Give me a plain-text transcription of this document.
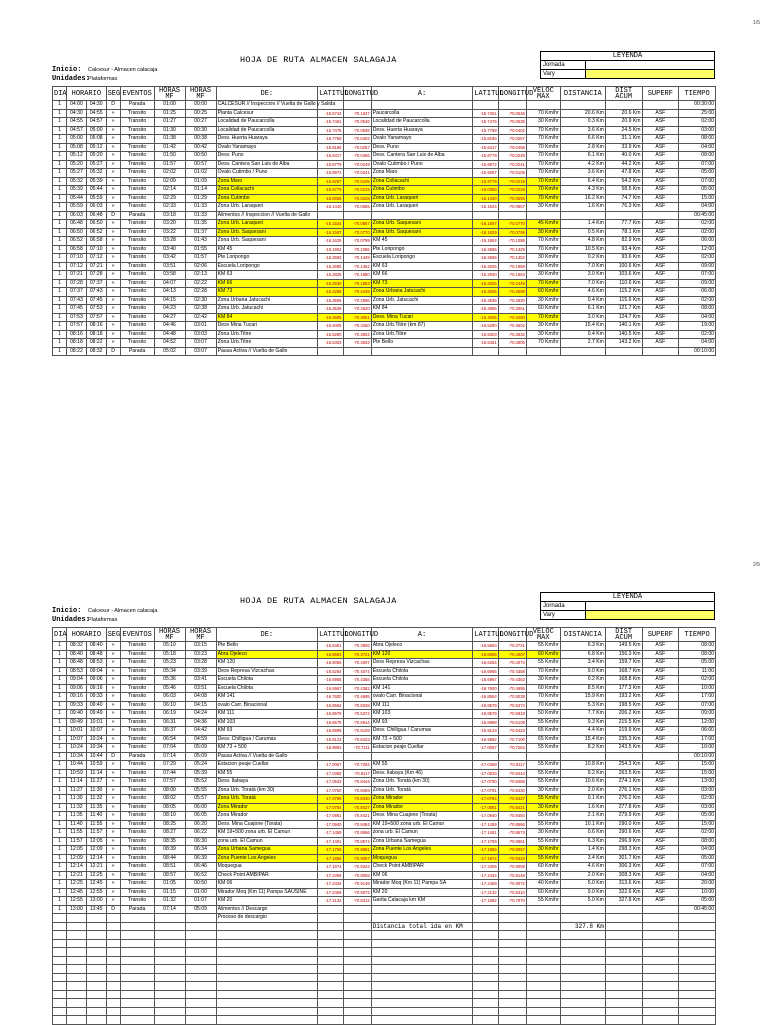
1/5
HOJA DE RUTA ALMACEN SALAGAJA
Inicio: Calcesur - Almacen calacaja
Unidades:
Plataformas
LEYENDA	
Jornada	
Vary	
DIA	HORARIO		SEG	EVENTOS	HORAS MF	HORAS MF	DE:	LATITUD	LONGITUD	A:	LATITUD	LONGITUD	VELOC MAX	DISTANCIA	DIST ACUM	SUPERF	TIEMPO
1	04:00	04:30	D	Parada	01:00	00:00	CALCESUR // Inspeccion // Vuelta de Gallo y Salida										00:30:00
1	04:30	04:55	»	Transito	01:25	00:25	Planta Calcesur	-16.5744	-70.1047	Paucarcolla	-15.7461	-70.0546	70 Km/hr	20.6 Km	20.6 Km	ASF	25:00
1	04:55	04:57	»	Transito	01:27	00:27	Localidad de Paucarcolla	-15.7461	-70.0546	Localidad de Paucarcolla	-15.7476	-70.0538	30 Km/hr	0.3 Km	20.9 Km	ASF	02:00
1	04:57	05:00	»	Transito	01:30	00:30	Localidad de Paucarcolla	-15.7476	-70.0538	Desv. Huerta Huaraya	-15.7758	-70.0402	70 Km/hr	3.6 Km	24.5 Km	ASF	03:00
1	05:00	05:08	»	Transito	01:38	00:38	Desv. Huerta Huaraya	-15.7758	-70.0402	Ovalo Yanamayo	-15.8186	-70.0257	70 Km/hr	6.6 Km	31.1 Km	ASF	08:00
1	05:08	05:12	»	Transito	01:42	00:42	Ovalo Yanamayo	-15.8186	-70.0257	Desv. Puno	-15.8417	-70.0456	70 Km/hr	2.8 Km	33.9 Km	ASF	04:00
1	05:12	05:20	»	Transito	01:50	00:50	Desv. Puno	-15.8417	-70.0456	Desv. Cantera San Luis de Alba	-15.8779	-70.0249	70 Km/hr	6.1 Km	40.0 Km	ASF	08:00
1	05:20	05:27	»	Transito	01:57	00:57	Desv. Cantera San Luis de Alba	-15.8779	-70.0249	Ovalo Cutimbo / Puno	-15.8972	-70.0241	70 Km/hr	4.2 Km	44.2 Km	ASF	07:00
1	05:27	05:32	»	Transito	02:02	01:02	Ovalo Cutimbo / Puno	-15.8972	-70.0241	Zona Maro	-15.9257	-70.0105	70 Km/hr	3.6 Km	47.8 Km	ASF	05:00
1	05:32	05:39	»	Transito	02:09	01:09	Zona Maro	-15.9257	-70.0105	Zona Collacachi	-15.9779	-70.0219	70 Km/hr	6.4 Km	54.2 Km	ASF	07:00
1	05:39	05:44	»	Transito	02:14	01:14	Zona Collacachi	-15.9779	-70.0219	Zona Cutimbo	-16.0058	-70.0228	70 Km/hr	4.3 Km	58.5 Km	ASF	05:00
1	05:44	05:59	»	Transito	02:29	01:29	Zona Cutimbo	-16.0058	-70.0228	Zona Urb. Laraqueri	-16.1440	-70.0555	70 Km/hr	16.2 Km	74.7 Km	ASF	15:00
1	05:59	06:03	»	Transito	02:33	01:33	Zona Urb. Laraqueri	-16.1440	-70.0555	Zona Urb. Laraqueri	-16.1534	-70.0667	30 Km/hr	1.6 Km	76.3 Km	ASF	04:00
1	06:03	06:48	D	Parada	03:18	01:33	Alimentos // Inspeccion // Vuelta de Gallo										00:45:00
1	06:48	06:50	»	Transito	03:20	01:35	Zona Urb. Laraqueri	-16.1534	-70.0667	Zona Urb. Saquesani	-16.1597	-70.0770	45 Km/hr	1.4 Km	77.7 Km	ASF	02:00
1	06:50	06:52	»	Transito	03:22	01:37	Zona Urb. Saquesani	-16.1597	-70.0770	Zona Urb. Saquesani	-16.1629	-70.0799	30 Km/hr	0.5 Km	78.1 Km	ASF	02:00
1	06:52	06:58	»	Transito	03:28	01:43	Zona Urb. Saquesani	-16.1629	-70.0799	KM 45	-16.1904	-70.1086	70 Km/hr	4.8 Km	82.9 Km	ASF	06:00
1	06:58	07:10	»	Transito	03:40	01:55	KM 45	-16.1904	-70.1086	Pte Loripongo	-16.2686	-70.1429	70 Km/hr	10.5 Km	93.4 Km	ASF	12:00
1	07:10	07:12	»	Transito	03:42	01:57	Pte Loripongo	-16.2693	-70.1449	Escuela Loripongo	-16.2686	-70.1452	30 Km/hr	0.2 Km	93.6 Km	ASF	02:00
1	07:12	07:21	»	Transito	03:51	02:06	Escuela Loripongo	-16.2686	-70.1452	KM 63	-16.2825	-70.1969	60 Km/hr	7.0 Km	100.6 Km	ASF	09:00
1	07:21	07:28	»	Transito	03:58	02:13	KM 63	-16.2825	-70.1980	KM 66	-16.2930	-70.1863	30 Km/hr	3.0 Km	103.6 Km	ASF	07:00
1	07:28	07:37	»	Transito	04:07	02:22	KM 66	-16.2930	-70.1863	KM 73	-16.3265	-70.2449	70 Km/hr	7.0 Km	110.6 Km	ASF	09:00
1	07:37	07:43	»	Transito	04:13	02:28	KM 73	-16.3265	-70.2449	Zona Urbana Jatucachi	-16.3505	-70.2596	60 Km/hr	4.6 Km	115.2 Km	ASF	06:00
1	07:43	07:45	»	Transito	04:15	02:30	Zona Urbana Jatucachi	-16.3505	-70.2596	Zona Urb. Jatucachi	-16.3536	-70.2620	30 Km/hr	0.4 Km	115.6 Km	ASF	02:00
1	07:45	07:53	»	Transito	04:23	02:38	Zona Urb. Jatucachi	-16.3536	-70.2620	KM 84	-16.3885	-70.3051	60 Km/hr	6.1 Km	121.7 Km	ASF	08:00
1	07:53	07:57	»	Transito	04:27	02:42	KM 84	-16.3885	-70.3051	Desv. Mina Tucari	-16.4005	-70.3260	70 Km/hr	3.0 Km	124.7 Km	ASF	04:00
1	07:57	08:16	»	Transito	04:46	03:01	Desv Mina Tucari	-16.4005	-70.3260	Zona Urb.Titire (km 87)	-16.5290	-70.3602	30 Km/hr	15.4 Km	140.1 Km	ASF	19:00
1	08:16	08:18	»	Transito	04:48	03:03	Zona Urb.Titire	-16.5290	-70.3602	Zona Urb.Titire	-16.5303	-70.3632	30 Km/hr	0.4 Km	140.5 Km	ASF	02:00
1	08:18	08:22	»	Transito	04:52	03:07	Zona Urb.Titire	-16.5303	-70.3632	Pte Bello	-16.5461	-70.3806	70 Km/hr	2.7 Km	143.2 Km	ASF	04:00
1	08:22	08:32	D	Parada	05:02	03:07	Pausa Activa // Vuelta de Gallo										00:10:00
2/5
HOJA DE RUTA ALMACEN SALAGAJA
Inicio: Calcesur - Almacen calacaja
Unidades:
Plataformas
LEYENDA	
Jornada	
Vary	
DIA	HORARIO		SEG	EVENTOS	HORAS MF	HORAS MF	DE:	LATITUD	LONGITUD	A:	LATITUD	LONGITUD	VELOC MAX	DISTANCIA	DIST ACUM	SUPERF	TIEMPO
1	08:32	08:40	»	Transito	05:10	03:15	Pte Bello	-16.5461	-70.3806	Abra Ojeleco	-16.5663	-70.3721	55 Km/hr	6.3 Km	149.5 Km	ASF	08:00
1	08:40	08:48	»	Transito	05:18	03:23	Abra Ojeleco	-16.5663	-70.3721	KM 120	-16.6056	-70.4007	60 Km/hr	6.8 Km	156.3 Km	ASF	08:00
1	08:48	08:53	»	Transito	05:23	03:28	KM 120	-16.6056	-70.4007	Desv Represa Vizcachas	-16.6264	-70.4074	55 Km/hr	3.4 Km	159.7 Km	ASF	05:00
1	08:53	09:04	»	Transito	05:34	03:39	Desv Represa Vizcachas	-16.6264	-70.4074	Escuela Chilota	-16.6955	-70.4358	70 Km/hr	9.0 Km	168.7 Km	ASF	11:00
1	09:04	09:06	»	Transito	05:36	03:41	Escuela Chilota	-16.6955	-70.4358	Escuela Chilota	-16.6967	-70.4363	30 Km/hr	0.2 Km	168.8 Km	ASF	02:00
1	09:06	09:16	»	Transito	05:46	03:51	Escuela Chilota	-16.6967	-70.4363	KM 141	-16.7600	-70.4695	60 Km/hr	8.5 Km	177.3 Km	ASF	10:00
1	09:16	09:33	»	Transito	06:03	04:08	KM 141	-16.7600	-70.4695	ovalo Carr. Binacional	-16.8564	-70.5038	70 Km/hr	15.9 Km	193.2 Km	ASF	17:00
1	09:33	09:40	»	Transito	06:10	04:15	ovalo Carr. Binacional	-16.8564	-70.5038	KM 111	-16.8579	-70.5374	70 Km/hr	5.3 Km	198.5 Km	ASF	07:00
1	09:40	09:49	»	Transito	06:19	04:24	KM 111	-16.8579	-70.5374	KM 103	-16.8579	-70.5918	50 Km/hr	7.7 Km	206.2 Km	ASF	09:00
1	09:49	10:01	»	Transito	06:31	04:36	KM 103	-16.8579	-70.5914	KM 93	-16.8998	-70.6109	55 Km/hr	9.3 Km	215.5 Km	ASF	12:00
1	10:01	10:07	»	Transito	06:37	04:42	KM 93	-16.8998	-70.6109	Desv. Chilligua / Carumas	-16.9123	-70.6423	65 Km/hr	4.4 Km	219.9 Km	ASF	06:00
1	10:07	10:24	»	Transito	06:54	04:59	Desv. Chilligua / Carumas	-16.9123	-70.6423	KM 73 + 500	-16.9892	-70.7100	65 Km/hr	15.4 Km	235.3 Km	ASF	17:00
1	10:24	10:34	»	Transito	07:04	05:09	KM 73 + 500	-16.9892	-70.7111	Estacion peaje Cuellar	-17.0057	-70.7264	55 Km/hr	8.2 Km	243.5 Km	ASF	10:00
1	10:34	10:44	D	Parada	07:14	05:09	Pausa Activa // Vuelta de Gallo										00:10:00
1	10:44	10:59	»	Transito	07:29	05:24	Estacion peaje Cuellar	-17.0057	-70.7264	KM 55	-17.0358	-70.8117	55 Km/hr	10.8 Km	254.3 Km	ASF	15:00
1	10:59	11:14	»	Transito	07:44	05:39	KM 55	-17.0358	-70.8117	Desv. Ilabaya (Km 46)	-17.0533	-70.8444	55 Km/hr	9.2 Km	263.5 Km	ASF	15:00
1	11:14	11:27	»	Transito	07:57	05:52	Desv. Ilabaya	-17.0533	-70.8444	Zona Urb. Toratá (km 30)	-17.0750	-70.8468	55 Km/hr	10.6 Km	274.1 Km	ASF	13:00
1	11:27	11:30	»	Transito	08:00	05:55	Zona Urb. Toratá (km 30)	-17.0750	-70.8469	Zona Urb. Toratá	-17.0791	-70.8430	30 Km/hr	2.0 Km	276.1 Km	ASF	03:00
1	11:30	11:32	»	Transito	08:02	05:57	Zona Urb. Toratá	-17.0798	-70.8430	Zona Mirador	-17.0784	-70.8427	55 Km/hr	0.1 Km	276.2 Km	ASF	02:00
1	11:32	11:35	»	Transito	08:05	06:00	Zona Mirador	-17.0784	-70.8427	Zona Mirador	-17.0861	-70.8421	30 Km/hr	1.6 Km	277.8 Km	ASF	03:00
1	11:35	11:40	»	Transito	08:10	06:05	Zona Mirador	-17.0861	-70.8421	Desv. Mina Cuajone (Torata)	-17.0940	-70.8484	55 Km/hr	2.1 Km	279.9 Km	ASF	05:00
1	11:40	11:55	»	Transito	08:25	06:20	Desv. Mina Cuajone (Torata)	-17.0940	-70.8484	KM 19+500 zona urb. El Camur	-17.1459	-70.8566	55 Km/hr	10.1 Km	290.0 Km	ASF	15:00
1	11:55	11:57	»	Transito	08:27	06:22	KM 19+500 zona urb. El Camun	-17.1459	-70.8566	zona urb. El Camun	-17.1491	-70.8574	30 Km/hr	0.6 Km	290.6 Km	ASF	02:00
1	11:57	12:05	»	Transito	08:35	06:30	zona urb. El Camun	-17.1491	-70.8574	Zona Urbana Samegua	-17.1769	-70.8961	55 Km/hr	6.3 Km	296.9 Km	ASF	08:00
1	12:05	12:09	»	Transito	08:39	06:34	Zona Urbana Samegua	-17.1769	-70.8961	Zona Puente Los Angeles	-17.1856	-70.9057	30 Km/hr	1.4 Km	298.3 Km	ASF	04:00
1	12:09	12:14	»	Transito	08:44	06:39	Zona Puente Los Angeles	-17.1856	-70.9057	Moquegua	-17.1974	-70.9323	55 Km/hr	3.4 Km	301.7 Km	ASF	05:00
1	12:14	12:21	»	Transito	08:51	06:46	Moquegua	-17.1974	-70.9323	Check Point AMBIPAR	-17.2306	-70.9058	60 Km/hr	4.6 Km	306.3 Km	ASF	07:00
1	12:21	12:25	»	Transito	08:57	06:52	Check Point AMBIPAR	-17.2306	-70.9058	KM 06	-17.2434	-70.9148	55 Km/hr	2.0 Km	308.3 Km	ASF	04:00
1	12:25	12:45	»	Transito	01:05	00:50	KM 06	-17.2434	-70.9148	Mirador Moq (Km 11) Pampa SA	-17.2459	-70.9072	40 Km/hr	5.0 Km	313.6 Km	ASF	20:00
1	12:45	12:55	»	Transito	01:15	01:00	Mirador Moq (Km 11) Pampa SAUSINE	-17.2459	-70.9072	KM 20	-17.2132	-70.8310	60 Km/hr	9.0 Km	322.6 Km	ASF	10:00
1	12:55	13:00	»	Transito	01:32	01:07	KM 20	-17.2132	-70.8312	Garita Calacaja km KM	-17.1982	-70.7970	55 Km/hr	5.0 Km	327.8 Km	ASF	05:00
1	13:00	13:45	D	Parada	07:14	05:09	Alimentos // Descargo										00:45:00
							Proceso de descargio										
										Distancia total ida en KM				327.8 Km			
